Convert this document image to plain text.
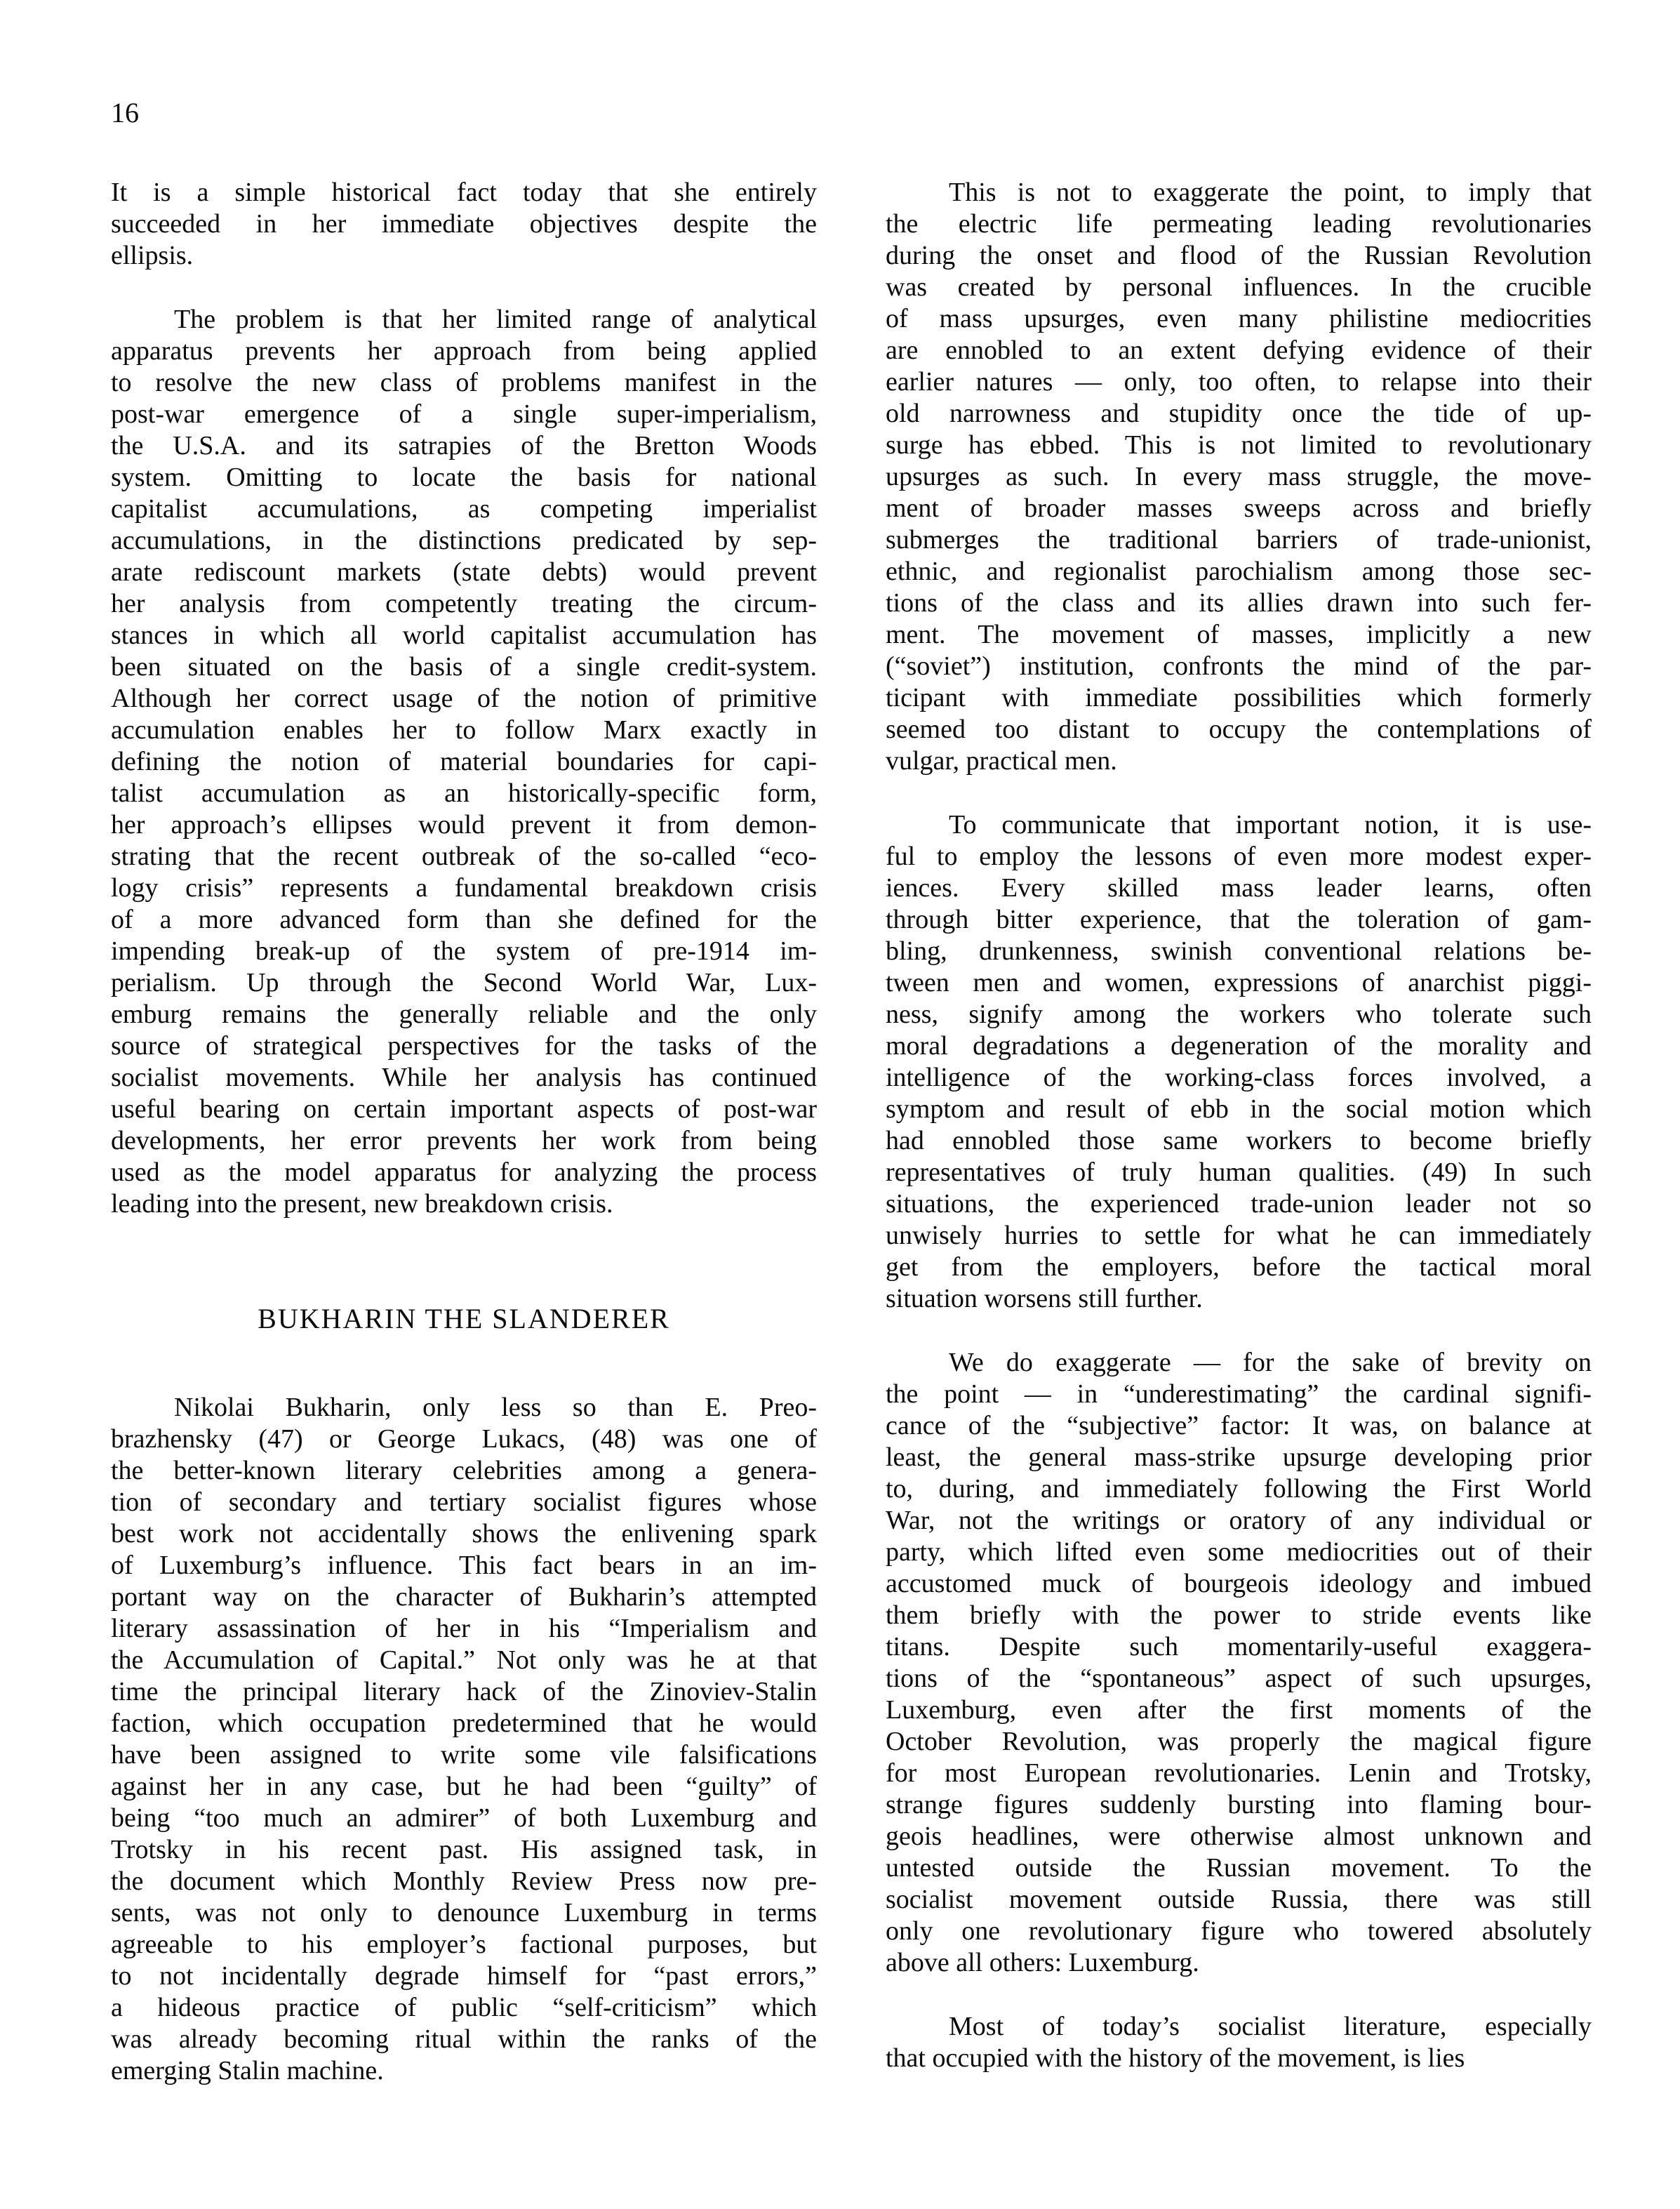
16
It is a simple historical fact today that she entirely
succeeded in her immediate objectives despite the
ellipsis.
The problem is that her limited range of analytical
apparatus prevents her approach from being applied
to resolve the new class of problems manifest in the
post-war emergence of a single super-imperialism,
the U.S.A. and its satrapies of the Bretton Woods
system. Omitting to locate the basis for national
capitalist accumulations, as competing imperialist
accumulations, in the distinctions predicated by sep-
arate rediscount markets (state debts) would prevent
her analysis from competently treating the circum-
stances in which all world capitalist accumulation has
been situated on the basis of a single credit-system.
Although her correct usage of the notion of primitive
accumulation enables her to follow Marx exactly in
defining the notion of material boundaries for capi-
talist accumulation as an historically-specific form,
her approach’s ellipses would prevent it from demon-
strating that the recent outbreak of the so-called “eco-
logy crisis” represents a fundamental breakdown crisis
of a more advanced form than she defined for the
impending break-up of the system of pre-1914 im-
perialism. Up through the Second World War, Lux-
emburg remains the generally reliable and the only
source of strategical perspectives for the tasks of the
socialist movements. While her analysis has continued
useful bearing on certain important aspects of post-war
developments, her error prevents her work from being
used as the model apparatus for analyzing the process
leading into the present, new breakdown crisis.
BUKHARIN THE SLANDERER
Nikolai Bukharin, only less so than E. Preo-
brazhensky (47) or George Lukacs, (48) was one of
the better-known literary celebrities among a genera-
tion of secondary and tertiary socialist figures whose
best work not accidentally shows the enlivening spark
of Luxemburg’s influence. This fact bears in an im-
portant way on the character of Bukharin’s attempted
literary assassination of her in his “Imperialism and
the Accumulation of Capital.” Not only was he at that
time the principal literary hack of the Zinoviev-Stalin
faction, which occupation predetermined that he would
have been assigned to write some vile falsifications
against her in any case, but he had been “guilty” of
being “too much an admirer” of both Luxemburg and
Trotsky in his recent past. His assigned task, in
the document which Monthly Review Press now pre-
sents, was not only to denounce Luxemburg in terms
agreeable to his employer’s factional purposes, but
to not incidentally degrade himself for “past errors,”
a hideous practice of public “self-criticism” which
was already becoming ritual within the ranks of the
emerging Stalin machine.
This is not to exaggerate the point, to imply that
the electric life permeating leading revolutionaries
during the onset and flood of the Russian Revolution
was created by personal influences. In the crucible
of mass upsurges, even many philistine mediocrities
are ennobled to an extent defying evidence of their
earlier natures — only, too often, to relapse into their
old narrowness and stupidity once the tide of up-
surge has ebbed. This is not limited to revolutionary
upsurges as such. In every mass struggle, the move-
ment of broader masses sweeps across and briefly
submerges the traditional barriers of trade-unionist,
ethnic, and regionalist parochialism among those sec-
tions of the class and its allies drawn into such fer-
ment. The movement of masses, implicitly a new
(“soviet”) institution, confronts the mind of the par-
ticipant with immediate possibilities which formerly
seemed too distant to occupy the contemplations of
vulgar, practical men.
To communicate that important notion, it is use-
ful to employ the lessons of even more modest exper-
iences. Every skilled mass leader learns, often
through bitter experience, that the toleration of gam-
bling, drunkenness, swinish conventional relations be-
tween men and women, expressions of anarchist piggi-
ness, signify among the workers who tolerate such
moral degradations a degeneration of the morality and
intelligence of the working-class forces involved, a
symptom and result of ebb in the social motion which
had ennobled those same workers to become briefly
representatives of truly human qualities. (49) In such
situations, the experienced trade-union leader not so
unwisely hurries to settle for what he can immediately
get from the employers, before the tactical moral
situation worsens still further.
We do exaggerate — for the sake of brevity on
the point — in “underestimating” the cardinal signifi-
cance of the “subjective” factor: It was, on balance at
least, the general mass-strike upsurge developing prior
to, during, and immediately following the First World
War, not the writings or oratory of any individual or
party, which lifted even some mediocrities out of their
accustomed muck of bourgeois ideology and imbued
them briefly with the power to stride events like
titans. Despite such momentarily-useful exaggera-
tions of the “spontaneous” aspect of such upsurges,
Luxemburg, even after the first moments of the
October Revolution, was properly the magical figure
for most European revolutionaries. Lenin and Trotsky,
strange figures suddenly bursting into flaming bour-
geois headlines, were otherwise almost unknown and
untested outside the Russian movement. To the
socialist movement outside Russia, there was still
only one revolutionary figure who towered absolutely
above all others: Luxemburg.
Most of today’s socialist literature, especially
that occupied with the history of the movement, is lies
